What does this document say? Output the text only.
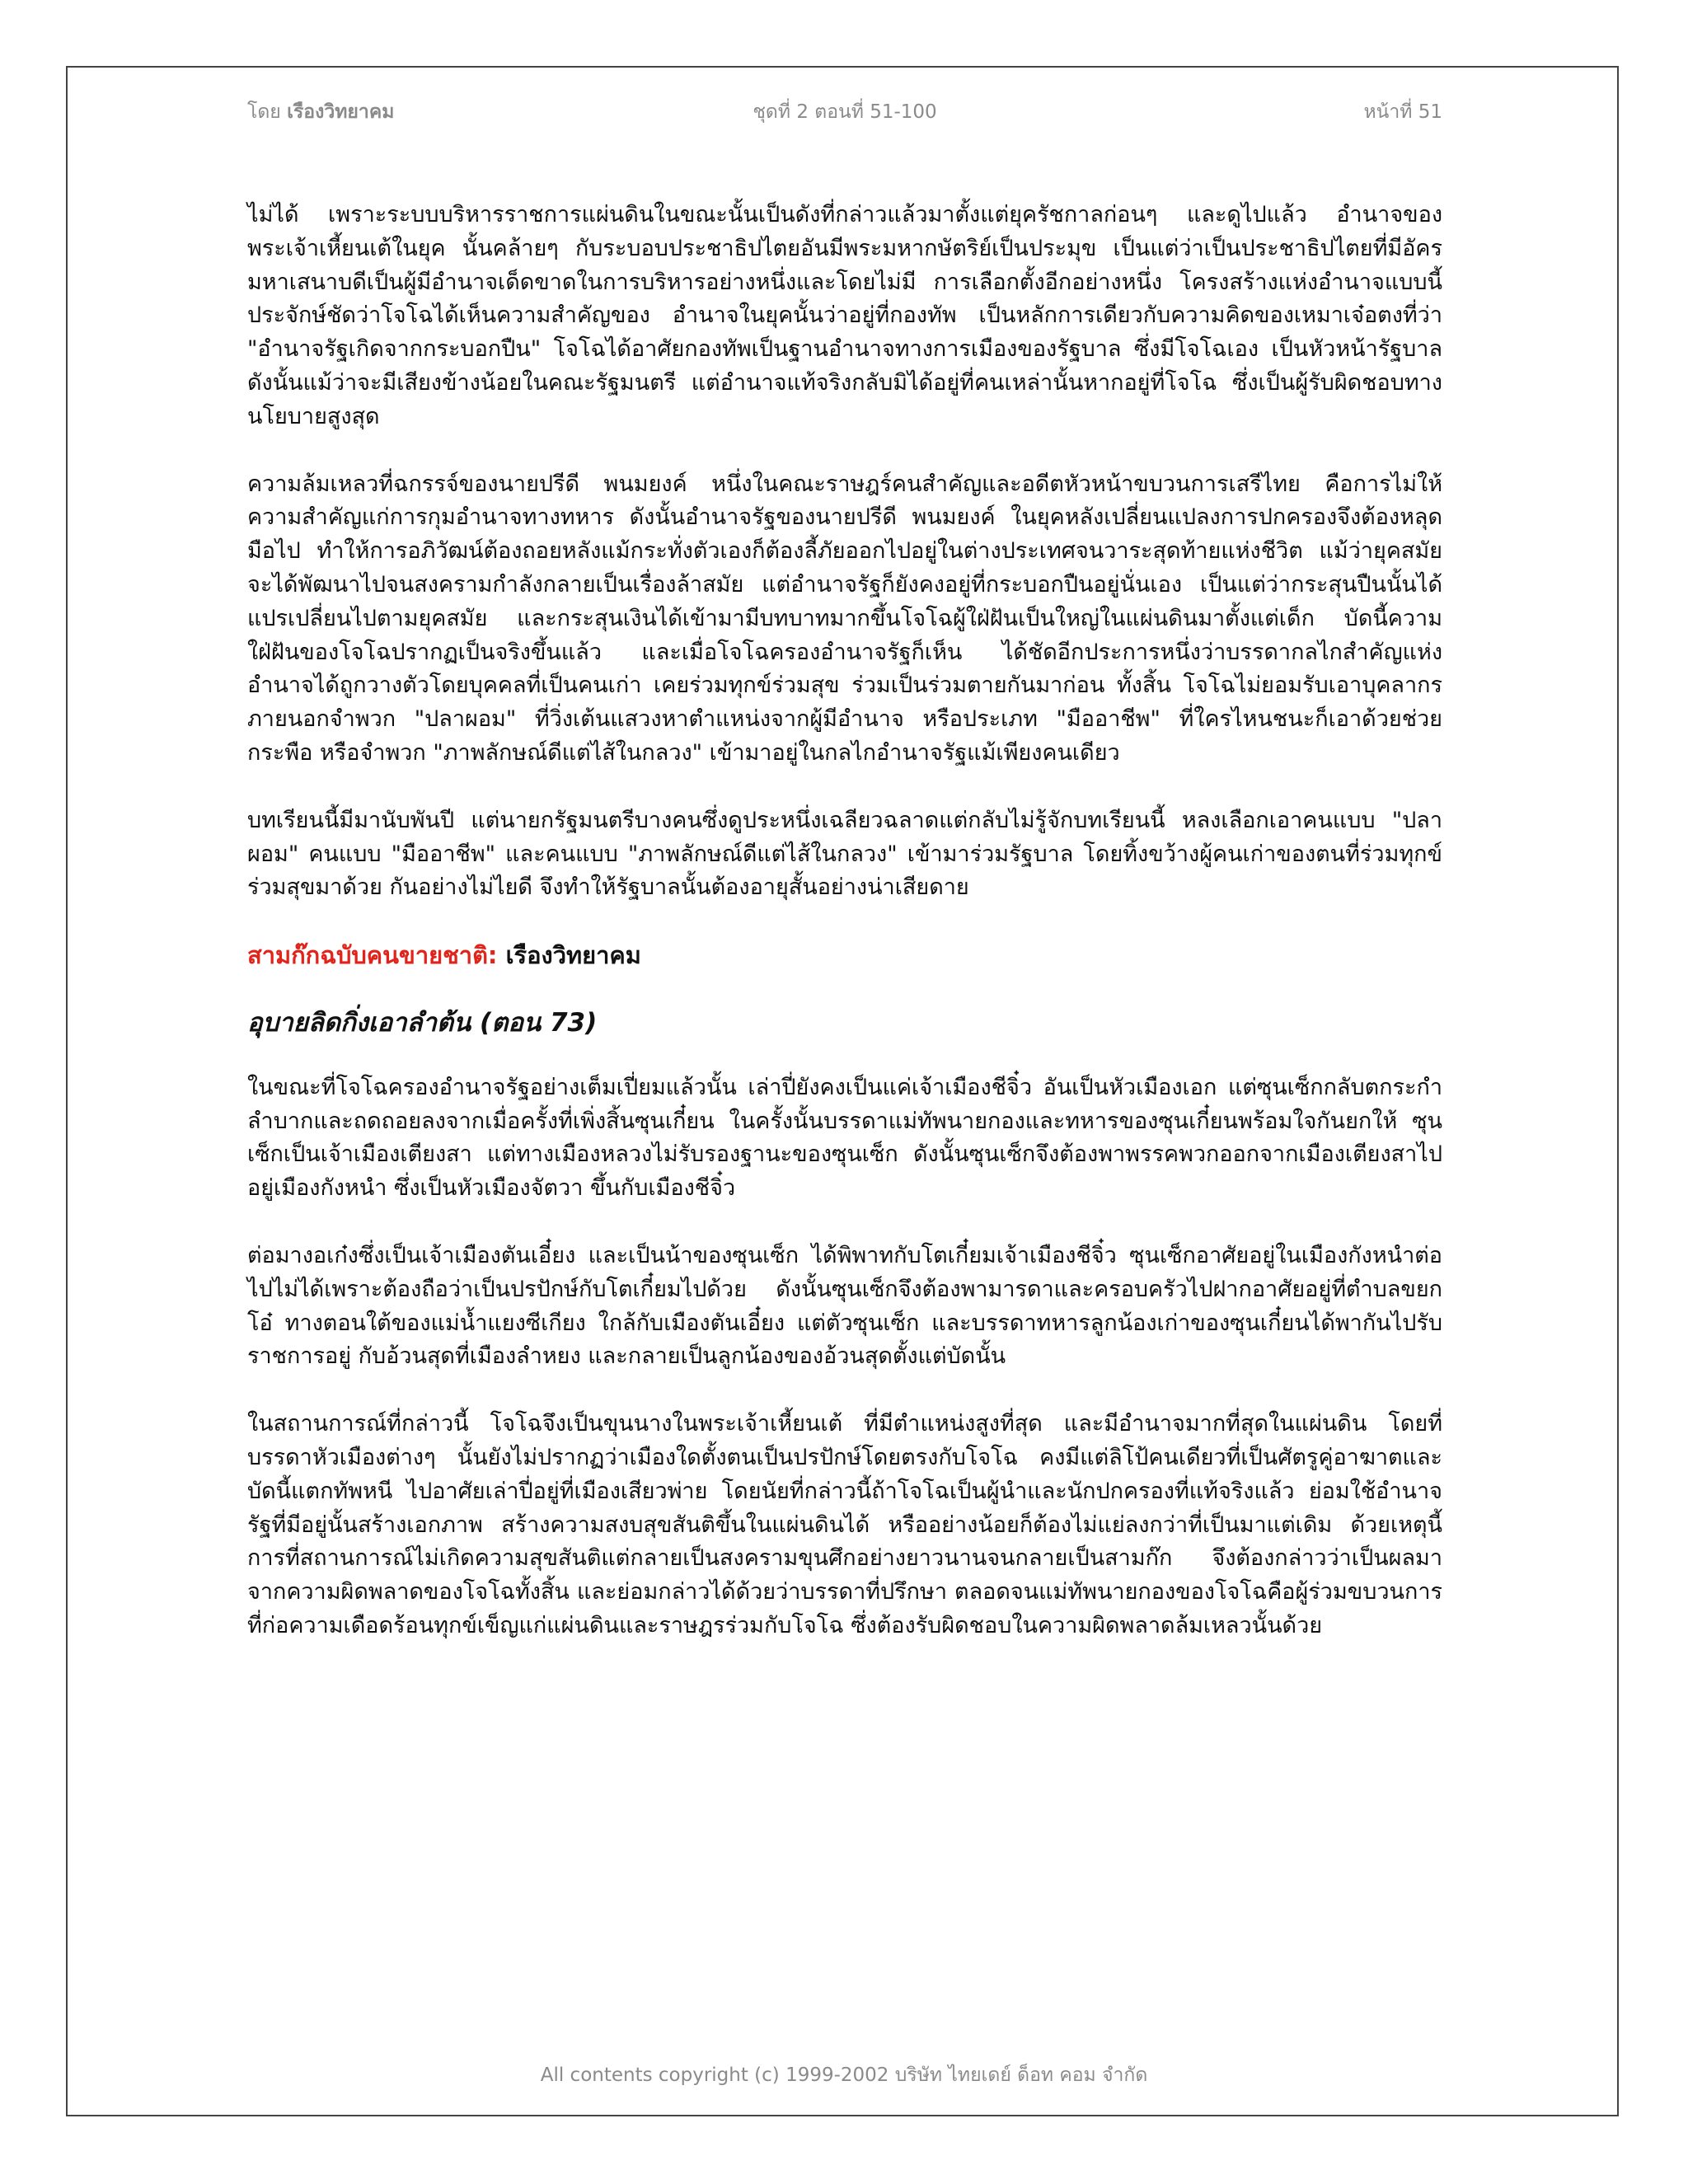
โดย เรืองวิทยาคม	ชุดที่ 2 ตอนที่ 51-100	หน้าที่ 51

ไม่ได้ เพราะระบบบริหารราชการแผ่นดินในขณะนั้นเป็นดังที่กล่าวแล้วมาตั้งแต่ยุครัชกาลก่อนๆ และดูไปแล้ว อำนาจของพระเจ้าเหี้ยนเต้ในยุค นั้นคล้ายๆ กับระบอบประชาธิปไตยอันมีพระมหากษัตริย์เป็นประมุข เป็นแต่ว่าเป็นประชาธิปไตยที่มีอัครมหาเสนาบดีเป็นผู้มีอำนาจเด็ดขาดในการบริหารอย่างหนึ่งและโดยไม่มี การเลือกตั้งอีกอย่างหนึ่ง โครงสร้างแห่งอำนาจแบบนี้ประจักษ์ชัดว่าโจโฉได้เห็นความสำคัญของ อำนาจในยุคนั้นว่าอยู่ที่กองทัพ เป็นหลักการเดียวกับความคิดของเหมาเจ๋อตงที่ว่า "อำนาจรัฐเกิดจากกระบอกปืน" โจโฉได้อาศัยกองทัพเป็นฐานอำนาจทางการเมืองของรัฐบาล ซึ่งมีโจโฉเอง เป็นหัวหน้ารัฐบาล ดังนั้นแม้ว่าจะมีเสียงข้างน้อยในคณะรัฐมนตรี แต่อำนาจแท้จริงกลับมิได้อยู่ที่คนเหล่านั้นหากอยู่ที่โจโฉ ซึ่งเป็นผู้รับผิดชอบทางนโยบายสูงสุด

ความล้มเหลวที่ฉกรรจ์ของนายปรีดี พนมยงค์ หนึ่งในคณะราษฎร์คนสำคัญและอดีตหัวหน้าขบวนการเสรีไทย คือการไม่ให้ความสำคัญแก่การกุมอำนาจทางทหาร ดังนั้นอำนาจรัฐของนายปรีดี พนมยงค์ ในยุคหลังเปลี่ยนแปลงการปกครองจึงต้องหลุดมือไป ทำให้การอภิวัฒน์ต้องถอยหลังแม้กระทั่งตัวเองก็ต้องลี้ภัยออกไปอยู่ในต่างประเทศจนวาระสุดท้ายแห่งชีวิต แม้ว่ายุคสมัยจะได้พัฒนาไปจนสงครามกำลังกลายเป็นเรื่องล้าสมัย แต่อำนาจรัฐก็ยังคงอยู่ที่กระบอกปืนอยู่นั่นเอง เป็นแต่ว่ากระสุนปืนนั้นได้แปรเปลี่ยนไปตามยุคสมัย และกระสุนเงินได้เข้ามามีบทบาทมากขึ้นโจโฉผู้ใฝ่ฝันเป็นใหญ่ในแผ่นดินมาตั้งแต่เด็ก บัดนี้ความใฝ่ฝันของโจโฉปรากฏเป็นจริงขึ้นแล้ว และเมื่อโจโฉครองอำนาจรัฐก็เห็น ได้ชัดอีกประการหนึ่งว่าบรรดากลไกสำคัญแห่งอำนาจได้ถูกวางตัวโดยบุคคลที่เป็นคนเก่า เคยร่วมทุกข์ร่วมสุข ร่วมเป็นร่วมตายกันมาก่อน ทั้งสิ้น โจโฉไม่ยอมรับเอาบุคลากรภายนอกจำพวก "ปลาผอม" ที่วิ่งเต้นแสวงหาตำแหน่งจากผู้มีอำนาจ หรือประเภท "มืออาชีพ" ที่ใครไหนชนะก็เอาด้วยช่วยกระพือ หรือจำพวก "ภาพลักษณ์ดีแต่ไส้ในกลวง" เข้ามาอยู่ในกลไกอำนาจรัฐแม้เพียงคนเดียว

บทเรียนนี้มีมานับพันปี แต่นายกรัฐมนตรีบางคนซึ่งดูประหนึ่งเฉลียวฉลาดแต่กลับไม่รู้จักบทเรียนนี้ หลงเลือกเอาคนแบบ "ปลาผอม" คนแบบ "มืออาชีพ" และคนแบบ "ภาพลักษณ์ดีแต่ไส้ในกลวง" เข้ามาร่วมรัฐบาล โดยทิ้งขว้างผู้คนเก่าของตนที่ร่วมทุกข์ร่วมสุขมาด้วย กันอย่างไม่ไยดี จึงทำให้รัฐบาลนั้นต้องอายุสั้นอย่างน่าเสียดาย

สามก๊กฉบับคนขายชาติ: เรืองวิทยาคม
อุบายลิดกิ่งเอาลำต้น (ตอน 73)

ในขณะที่โจโฉครองอำนาจรัฐอย่างเต็มเปี่ยมแล้วนั้น เล่าปี่ยังคงเป็นแค่เจ้าเมืองชีจิ๋ว อันเป็นหัวเมืองเอก แต่ซุนเซ็กกลับตกระกำลำบากและถดถอยลงจากเมื่อครั้งที่เพิ่งสิ้นซุนเกี๋ยน ในครั้งนั้นบรรดาแม่ทัพนายกองและทหารของซุนเกี๋ยนพร้อมใจกันยกให้ ซุนเซ็กเป็นเจ้าเมืองเตียงสา แต่ทางเมืองหลวงไม่รับรองฐานะของซุนเซ็ก ดังนั้นซุนเซ็กจึงต้องพาพรรคพวกออกจากเมืองเตียงสาไปอยู่เมืองกังหนำ ซึ่งเป็นหัวเมืองจัตวา ขึ้นกับเมืองชีจิ๋ว

ต่อมางอเก๋งซึ่งเป็นเจ้าเมืองตันเอี๋ยง และเป็นน้าของซุนเซ็ก ได้พิพาทกับโตเกี๋ยมเจ้าเมืองชีจิ๋ว ซุนเซ็กอาศัยอยู่ในเมืองกังหนำต่อไปไม่ได้เพราะต้องถือว่าเป็นปรปักษ์กับโตเกี๋ยมไปด้วย ดังนั้นซุนเซ็กจึงต้องพามารดาและครอบครัวไปฝากอาศัยอยู่ที่ตำบลขยกโอ๋ ทางตอนใต้ของแม่น้ำแยงซีเกียง ใกล้กับเมืองตันเอี๋ยง แต่ตัวซุนเซ็ก และบรรดาทหารลูกน้องเก่าของซุนเกี๋ยนได้พากันไปรับราชการอยู่ กับอ้วนสุดที่เมืองลำหยง และกลายเป็นลูกน้องของอ้วนสุดตั้งแต่บัดนั้น

ในสถานการณ์ที่กล่าวนี้ โจโฉจึงเป็นขุนนางในพระเจ้าเหี้ยนเต้ ที่มีตำแหน่งสูงที่สุด และมีอำนาจมากที่สุดในแผ่นดิน โดยที่บรรดาหัวเมืองต่างๆ นั้นยังไม่ปรากฏว่าเมืองใดตั้งตนเป็นปรปักษ์โดยตรงกับโจโฉ คงมีแต่ลิโป้คนเดียวที่เป็นศัตรูคู่อาฆาตและบัดนี้แตกทัพหนี ไปอาศัยเล่าปี่อยู่ที่เมืองเสียวพ่าย โดยนัยที่กล่าวนี้ถ้าโจโฉเป็นผู้นำและนักปกครองที่แท้จริงแล้ว ย่อมใช้อำนาจรัฐที่มีอยู่นั้นสร้างเอกภาพ สร้างความสงบสุขสันติขึ้นในแผ่นดินได้ หรืออย่างน้อยก็ต้องไม่แย่ลงกว่าที่เป็นมาแต่เดิม ด้วยเหตุนี้การที่สถานการณ์ไม่เกิดความสุขสันติแต่กลายเป็นสงครามขุนศึกอย่างยาวนานจนกลายเป็นสามก๊ก จึงต้องกล่าวว่าเป็นผลมาจากความผิดพลาดของโจโฉทั้งสิ้น และย่อมกล่าวได้ด้วยว่าบรรดาที่ปรึกษา ตลอดจนแม่ทัพนายกองของโจโฉคือผู้ร่วมขบวนการที่ก่อความเดือดร้อนทุกข์เข็ญแก่แผ่นดินและราษฎรร่วมกับโจโฉ ซึ่งต้องรับผิดชอบในความผิดพลาดล้มเหลวนั้นด้วย

All contents copyright (c) 1999-2002 บริษัท ไทยเดย์ ด็อท คอม จำกัด
